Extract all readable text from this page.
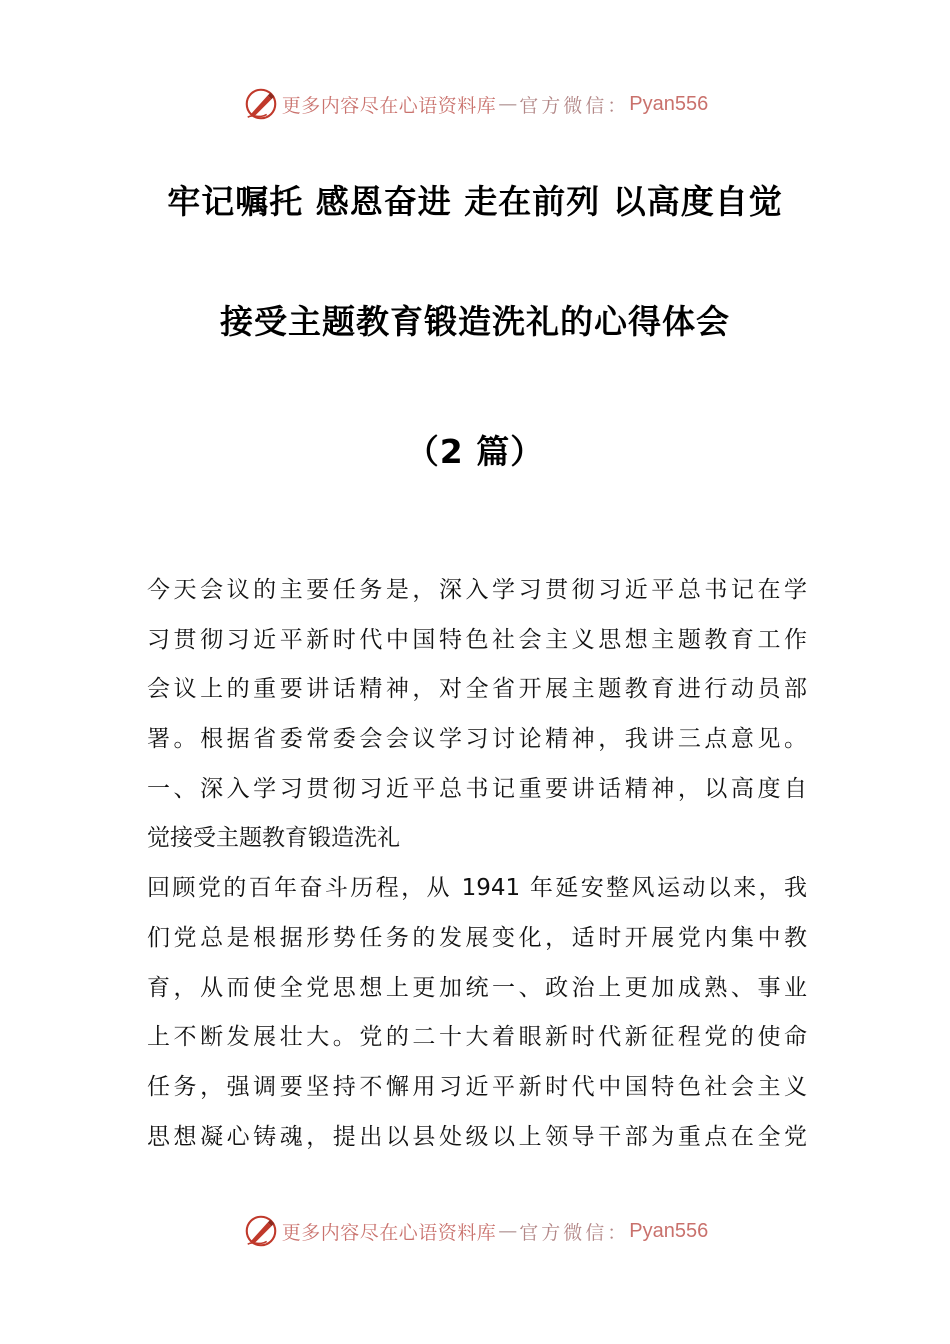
更多内容尽在心语资料库 — 官方微信： Pyan556
牢记嘱托 感恩奋进 走在前列 以高度自觉
接受主题教育锻造洗礼的心得体会
（2 篇）
今天会议的主要任务是，深入学习贯彻习近平总书记在学
习贯彻习近平新时代中国特色社会主义思想主题教育工作
会议上的重要讲话精神，对全省开展主题教育进行动员部
署。根据省委常委会会议学习讨论精神，我讲三点意见。
一、深入学习贯彻习近平总书记重要讲话精神，以高度自
觉接受主题教育锻造洗礼
回顾党的百年奋斗历程，从 1941 年延安整风运动以来，我
们党总是根据形势任务的发展变化，适时开展党内集中教
育，从而使全党思想上更加统一、政治上更加成熟、事业
上不断发展壮大。党的二十大着眼新时代新征程党的使命
任务，强调要坚持不懈用习近平新时代中国特色社会主义
思想凝心铸魂，提出以县处级以上领导干部为重点在全党
更多内容尽在心语资料库 — 官方微信： Pyan556
